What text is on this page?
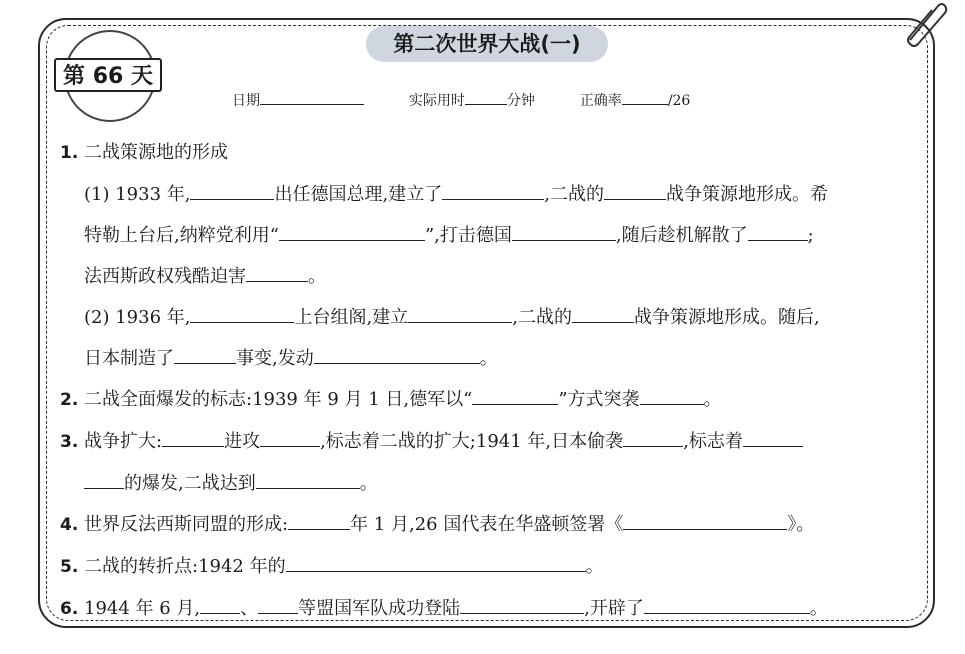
第二次世界大战(一)
第 66 天
日期	实际用时	分钟	正确率	/26
1. 二战策源地的形成
(1) 1933 年,	出任德国总理,建立了	,二战的	战争策源地形成。希
特勒上台后,纳粹党利用“	”,打击德国	,随后趁机解散了	;
法西斯政权残酷迫害	。
(2) 1936 年,	上台组阁,建立	,二战的	战争策源地形成。随后,
日本制造了	事变,发动	。
2. 二战全面爆发的标志:1939 年 9 月 1 日,德军以“	”方式突袭	。
3. 战争扩大:	进攻	,标志着二战的扩大;1941 年,日本偷袭	,标志着
的爆发,二战达到	。
4. 世界反法西斯同盟的形成:	年 1 月,26 国代表在华盛顿签署《	》。
5. 二战的转折点:1942 年的	。
6. 1944 年 6 月, 、 等盟国军队成功登陆	,开辟了	。
